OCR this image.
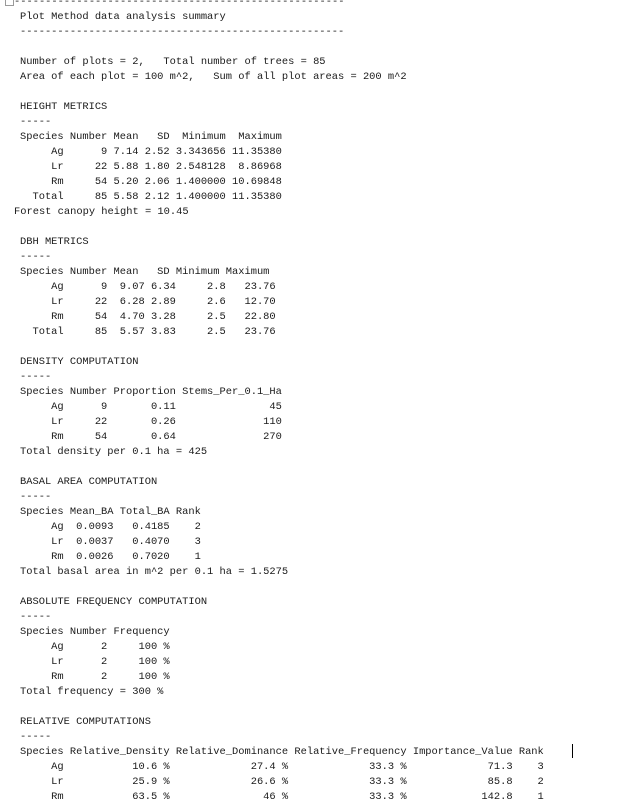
-----------------------------------------------------
Plot Method data analysis summary
----------------------------------------------------
Number of plots = 2,   Total number of trees = 85
Area of each plot = 100 m^2,   Sum of all plot areas = 200 m^2
HEIGHT METRICS
-----
Species Number Mean   SD  Minimum  Maximum
Ag      9 7.14 2.52 3.343656 11.35380
Lr     22 5.88 1.80 2.548128  8.86968
Rm     54 5.20 2.06 1.400000 10.69848
Total     85 5.58 2.12 1.400000 11.35380
Forest canopy height = 10.45
DBH METRICS
-----
Species Number Mean   SD Minimum Maximum
Ag      9  9.07 6.34     2.8   23.76
Lr     22  6.28 2.89     2.6   12.70
Rm     54  4.70 3.28     2.5   22.80
Total     85  5.57 3.83     2.5   23.76
DENSITY COMPUTATION
-----
Species Number Proportion Stems_Per_0.1_Ha
Ag      9       0.11               45
Lr     22       0.26              110
Rm     54       0.64              270
Total density per 0.1 ha = 425
BASAL AREA COMPUTATION
-----
Species Mean_BA Total_BA Rank
Ag  0.0093   0.4185    2
Lr  0.0037   0.4070    3
Rm  0.0026   0.7020    1
Total basal area in m^2 per 0.1 ha = 1.5275
ABSOLUTE FREQUENCY COMPUTATION
-----
Species Number Frequency
Ag      2     100 %
Lr      2     100 %
Rm      2     100 %
Total frequency = 300 %
RELATIVE COMPUTATIONS
-----
Species Relative_Density Relative_Dominance Relative_Frequency Importance_Value Rank
Ag           10.6 %             27.4 %             33.3 %             71.3    3
Lr           25.9 %             26.6 %             33.3 %             85.8    2
Rm           63.5 %               46 %             33.3 %            142.8    1
